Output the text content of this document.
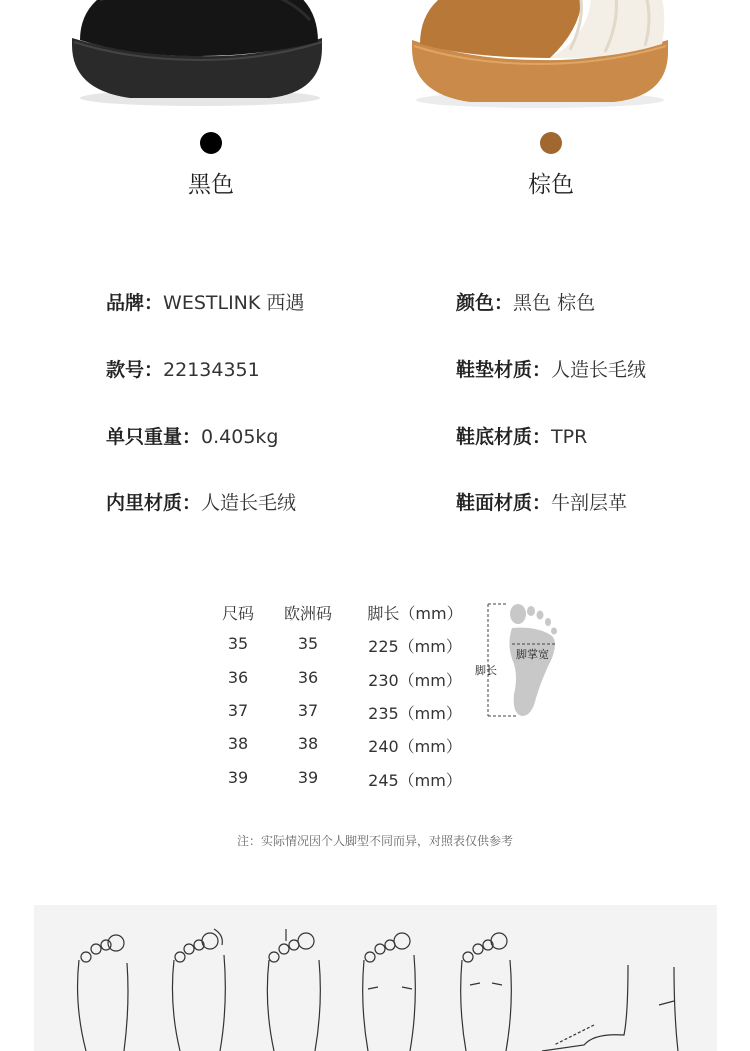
黑色	棕色
品牌：WESTLINK 西遇
款号：22134351
单只重量：0.405kg
内里材质：人造长毛绒
颜色：黑色 棕色
鞋垫材质：人造长毛绒
鞋底材质：TPR
鞋面材质：牛剖层革
尺码	欧洲码	脚长（mm）
35	35	225（mm）
36	36	230（mm）
37	37	235（mm）
38	38	240（mm）
39	39	245（mm）
脚掌宽
脚长
注：实际情况因个人脚型不同而异，对照表仅供参考
